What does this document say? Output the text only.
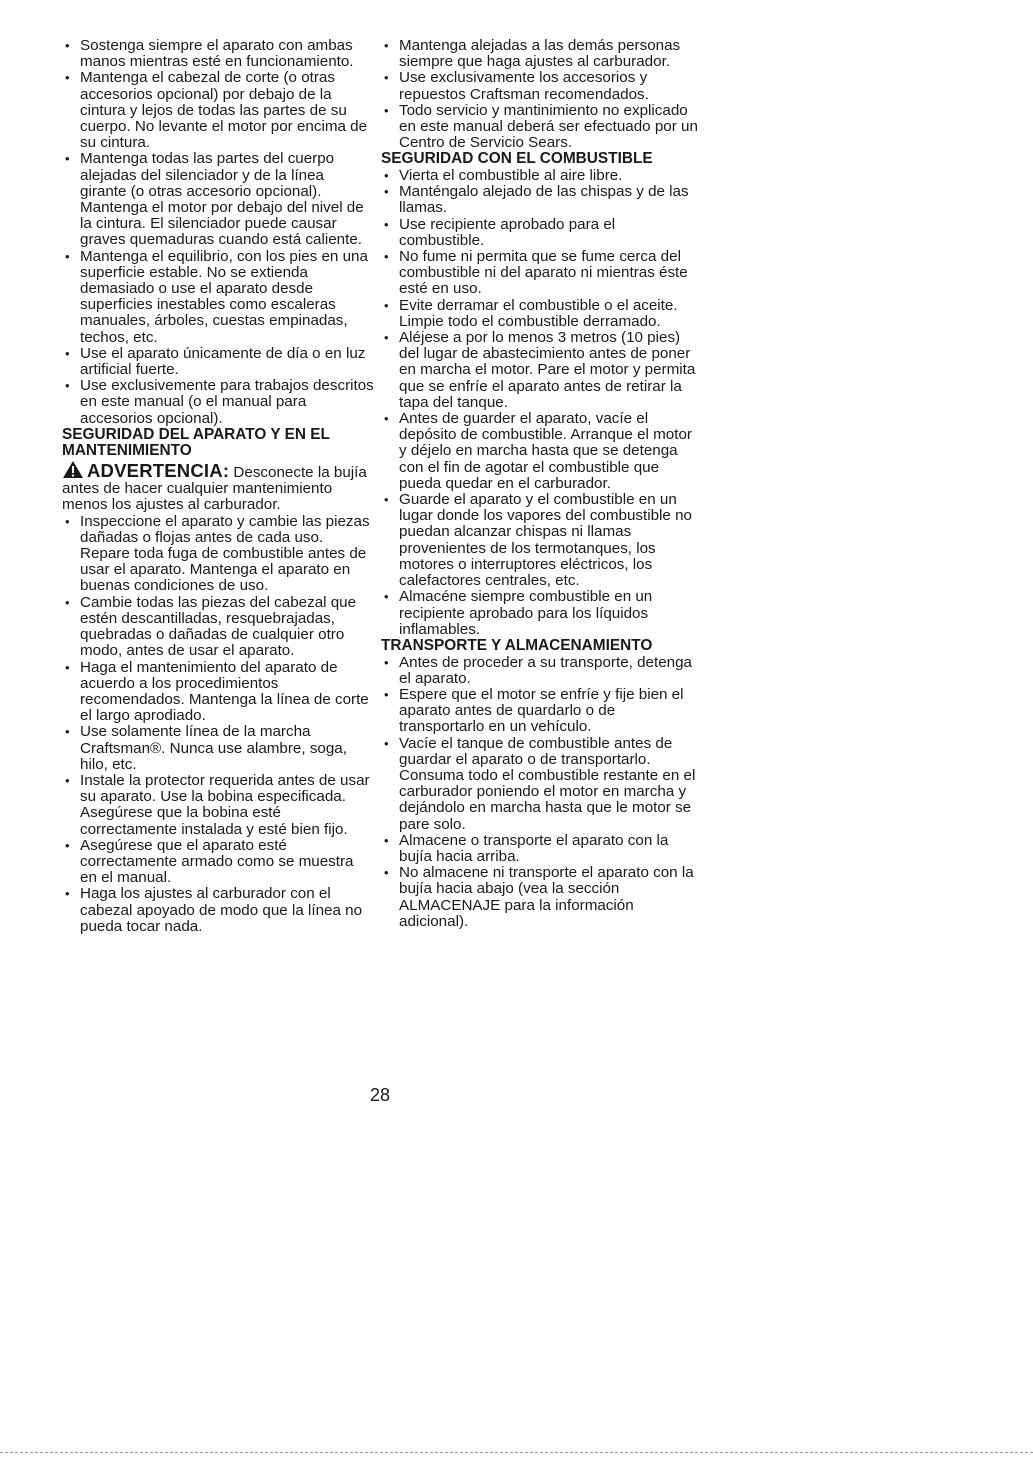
• Sostenga siempre el aparato con ambas manos mientras esté en funcionamiento.
• Mantenga el cabezal de corte (o otras accesorios opcional) por debajo de la cintura y lejos de todas las partes de su cuerpo. No levante el motor por encima de su cintura.
• Mantenga todas las partes del cuerpo alejadas del silenciador y de la línea girante (o otras accesorio opcional). Mantenga el motor por debajo del nivel de la cintura. El silenciador puede causar graves quemaduras cuando está caliente.
• Mantenga el equilibrio, con los pies en una superficie estable. No se extienda demasiado o use el aparato desde superficies inestables como escaleras manuales, árboles, cuestas empinadas, techos, etc.
• Use el aparato únicamente de día o en luz artificial fuerte.
• Use exclusivemente para trabajos descritos en este manual (o el manual para accesorios opcional).
SEGURIDAD DEL APARATO Y EN EL MANTENIMIENTO

ADVERTENCIA: Desconecte la bujía antes de hacer cualquier mantenimiento menos los ajustes al carburador.

• Inspeccione el aparato y cambie las piezas dañadas o flojas antes de cada uso. Repare toda fuga de combustible antes de usar el aparato. Mantenga el aparato en buenas condiciones de uso.
• Cambie todas las piezas del cabezal que estén descantilladas, resquebrajadas, quebradas o dañadas de cualquier otro modo, antes de usar el aparato.
• Haga el mantenimiento del aparato de acuerdo a los procedimientos recomendados. Mantenga la línea de corte el largo aprodiado.
• Use solamente línea de la marcha Craftsman®. Nunca use alambre, soga, hilo, etc.
• Instale la protector requerida antes de usar su aparato. Use la bobina especificada. Asegúrese que la bobina esté correctamente instalada y esté bien fijo.
• Asegúrese que el aparato esté correctamente armado como se muestra en el manual.
• Haga los ajustes al carburador con el cabezal apoyado de modo que la línea no pueda tocar nada.
• Mantenga alejadas a las demás personas siempre que haga ajustes al carburador.
• Use exclusivamente los accesorios y repuestos Craftsman recomendados.
• Todo servicio y mantinimiento no explicado en este manual deberá ser efectuado por un Centro de Servicio Sears.
SEGURIDAD CON EL COMBUSTIBLE
• Vierta el combustible al aire libre.
• Manténgalo alejado de las chispas y de las llamas.
• Use recipiente aprobado para el combustible.
• No fume ni permita que se fume cerca del combustible ni del aparato ni mientras éste esté en uso.
• Evite derramar el combustible o el aceite. Limpie todo el combustible derramado.
• Aléjese a por lo menos 3 metros (10 pies) del lugar de abastecimiento antes de poner en marcha el motor. Pare el motor y permita que se enfríe el aparato antes de retirar la tapa del tanque.
• Antes de guarder el aparato, vacíe el depósito de combustible. Arranque el motor y déjelo en marcha hasta que se detenga con el fin de agotar el combustible que pueda quedar en el carburador.
• Guarde el aparato y el combustible en un lugar donde los vapores del combustible no puedan alcanzar chispas ni llamas provenientes de los termotanques, los motores o interruptores eléctricos, los calefactores centrales, etc.
• Almacéne siempre combustible en un recipiente aprobado para los líquidos inflamables.
TRANSPORTE Y ALMACENAMIENTO
• Antes de proceder a su transporte, detenga el aparato.
• Espere que el motor se enfríe y fije bien el aparato antes de quardarlo o de transportarlo en un vehículo.
• Vacíe el tanque de combustible antes de guardar el aparato o de transportarlo. Consuma todo el combustible restante en el carburador poniendo el motor en marcha y dejándolo en marcha hasta que le motor se pare solo.
• Almacene o transporte el aparato con la bujía hacia arriba.
• No almacene ni transporte el aparato con la bujía hacia abajo (vea la sección ALMACENAJE para la información adicional).
28
